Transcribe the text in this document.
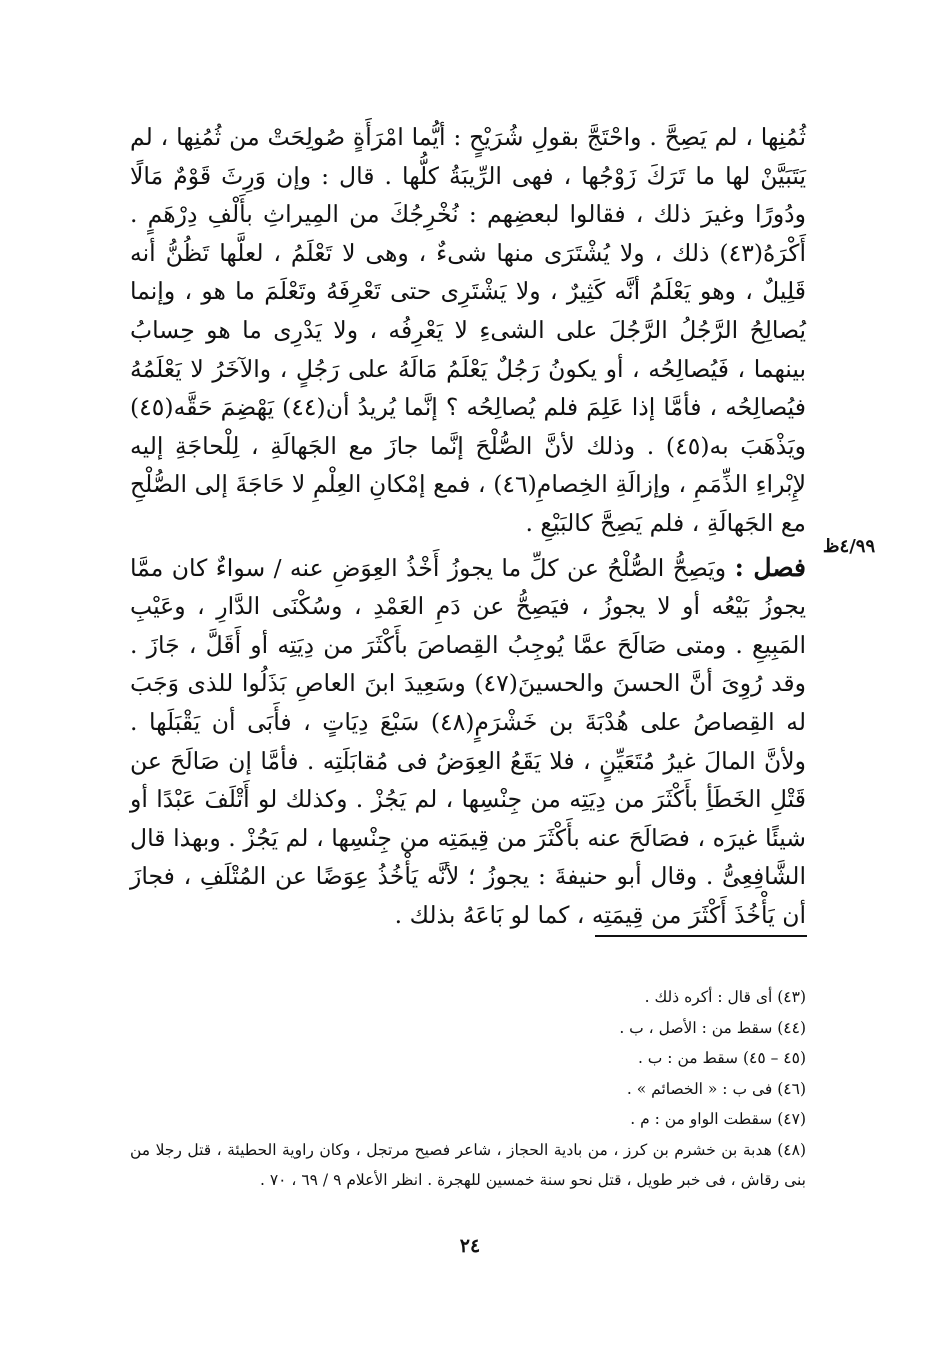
ثُمُنِها ، لم يَصِحَّ . واحْتَجَّ بقولِ شُرَيْحٍ : أيُّما امْرَأَةٍ صُولِحَتْ من ثُمُنِها ، لم يَتَبَيَّنْ لها ما تَرَكَ زَوْجُها ، فهى الرِّيبَةُ كلُّها . قال : وإن وَرِثَ قَوْمٌ مَالًا ودُورًا وغيرَ ذلك ، فقالوا لبعضِهم : نُخْرِجُكَ من المِيراثِ بأَلْفِ دِرْهَمٍ . أَكْرَهُ(٤٣) ذلك ، ولا يُشْتَرَى منها شىءٌ ، وهى لا تَعْلَمُ ، لعلَّها تَظُنُّ أنه قَلِيلٌ ، وهو يَعْلَمُ أنَّه كَثِيرٌ ، ولا يَشْتَرِى حتى تَعْرِفَهُ وتَعْلَمَ ما هو ، وإنما يُصالِحُ الرَّجُلُ الرَّجُلَ على الشىءِ لا يَعْرِفُه ، ولا يَدْرِى ما هو حِسابُ بينهما ، فَيُصالِحُه ، أو يكونُ رَجُلٌ يَعْلَمُ مَالَهُ على رَجُلٍ ، والآخَرُ لا يَعْلَمُهُ فيُصالِحُه ، فأمَّا إذا عَلِمَ فلم يُصالِحُه ؟ إنَّما يُريدُ أن(٤٤) يَهْضِمَ حَقَّه(٤٥) ويَذْهَبَ به(٤٥) . وذلك لأنَّ الصُّلْحَ إنَّما جازَ مع الجَهالَةِ ، لِلْحاجَةِ إليه لإِبْراءِ الذِّمَمِ ، وإزالَةِ الخِصامِ(٤٦) ، فمع إمْكانِ العِلْمِ لا حَاجَةَ إلى الصُّلْحِ مع الجَهالَةِ ، فلم يَصِحَّ كالبَيْعِ .

فصل : ويَصِحُّ الصُّلْحُ عن كلِّ ما يجوزُ أَخْذُ العِوَضِ عنه / سواءٌ كان ممَّا يجوزُ بَيْعُه أو لا يجوزُ ، فيَصِحُّ عن دَمِ العَمْدِ ، وسُكْنَى الدَّارِ ، وعَيْبِ المَبِيعِ . ومتى صَالَحَ عمَّا يُوجِبُ القِصاصَ بأَكْثَرَ من دِيَتِه أو أَقَلَّ ، جَازَ . وقد رُوِىَ أنَّ الحسنَ والحسينَ(٤٧) وسَعِيدَ ابنَ العاصِ بَذَلُوا للذى وَجَبَ له القِصاصُ على هُدْبَةَ بن خَشْرَمٍ(٤٨) سَبْعَ دِيَاتٍ ، فأَبَى أن يَقْبَلَها . ولأنَّ المالَ غيرُ مُتَعَيِّنٍ ، فلا يَقَعُ العِوَضُ فى مُقابَلَتِه . فأمَّا إن صَالَحَ عن قَتْلِ الخَطَأِ بأَكْثَرَ من دِيَتِه من جِنْسِها ، لم يَجُزْ . وكذلك لو أَتْلَفَ عَبْدًا أو شيئًا غيرَه ، فصَالَحَ عنه بأَكْثَرَ من قِيمَتِه من جِنْسِها ، لم يَجُزْ . وبهذا قال الشَّافِعِىُّ . وقال أبو حنيفةَ : يجوزُ ؛ لأنَّه يَأْخُذُ عِوَضًا عن المُتْلَفِ ، فجازَ أن يَأْخُذَ أَكْثَرَ من قِيمَتِه ، كما لو بَاعَهُ بذلك .

٤/٩٩ظ

(٤٣) أى قال : أكره ذلك .

(٤٤) سقط من : الأصل ، ب .

(٤٥ – ٤٥) سقط من : ب .

(٤٦) فى ب : « الخصائم » .

(٤٧) سقطت الواو من : م .

(٤٨) هدبة بن خشرم بن كرز ، من بادية الحجاز ، شاعر فصيح مرتجل ، وكان راوية الحطيئة ، قتل رجلا من بنى رقاش ، فى خبر طويل ، قتل نحو سنة خمسين للهجرة . انظر الأعلام ٩ / ٦٩ ، ٧٠ .

٢٤
